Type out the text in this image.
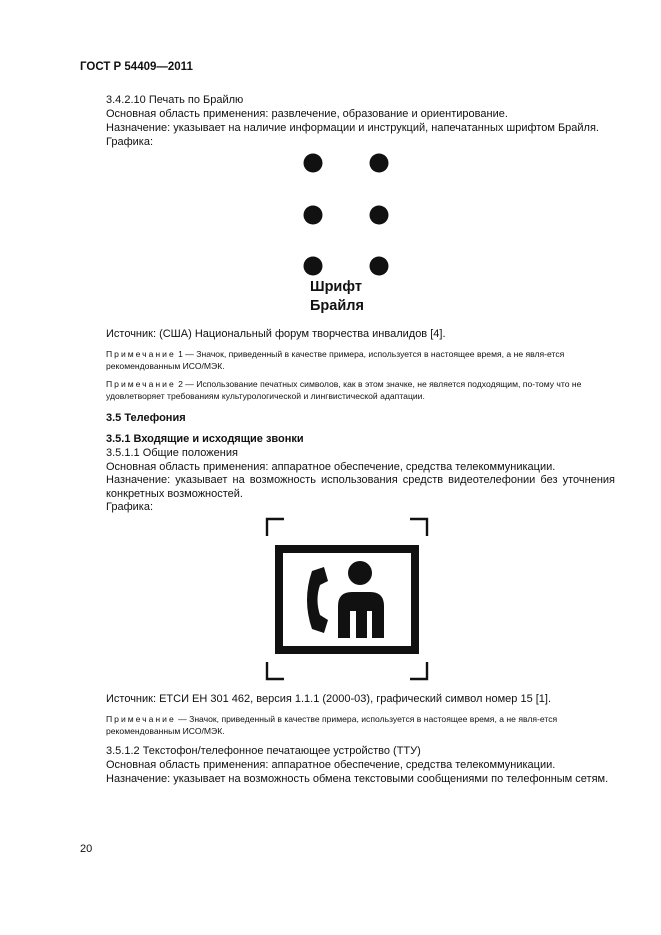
ГОСТ Р 54409—2011
3.4.2.10 Печать по Брайлю
Основная область применения: развлечение, образование и ориентирование.
Назначение: указывает на наличие информации и инструкций, напечатанных шрифтом Брайля.
Графика:
Шрифт
Брайля
Источник: (США) Национальный форум творчества инвалидов [4].
Примечание 1 — Значок, приведенный в качестве примера, используется в настоящее время, а не явля-ется рекомендованным ИСО/МЭК.
Примечание 2 — Использование печатных символов, как в этом значке, не является подходящим, по-тому что не удовлетворяет требованиям культурологической и лингвистической адаптации.
3.5 Телефония
3.5.1 Входящие и исходящие звонки
3.5.1.1 Общие положения
Основная область применения: аппаратное обеспечение, средства телекоммуникации.
Назначение: указывает на возможность использования средств видеотелефонии без уточнения конкретных возможностей.
Графика:
Источник: ЕТСИ ЕН 301 462, версия 1.1.1 (2000-03), графический символ номер 15 [1].
Примечание — Значок, приведенный в качестве примера, используется в настоящее время, а не явля-ется рекомендованным ИСО/МЭК.
3.5.1.2 Текстофон/телефонное печатающее устройство (ТТУ)
Основная область применения: аппаратное обеспечение, средства телекоммуникации.
Назначение: указывает на возможность обмена текстовыми сообщениями по телефонным сетям.
20
